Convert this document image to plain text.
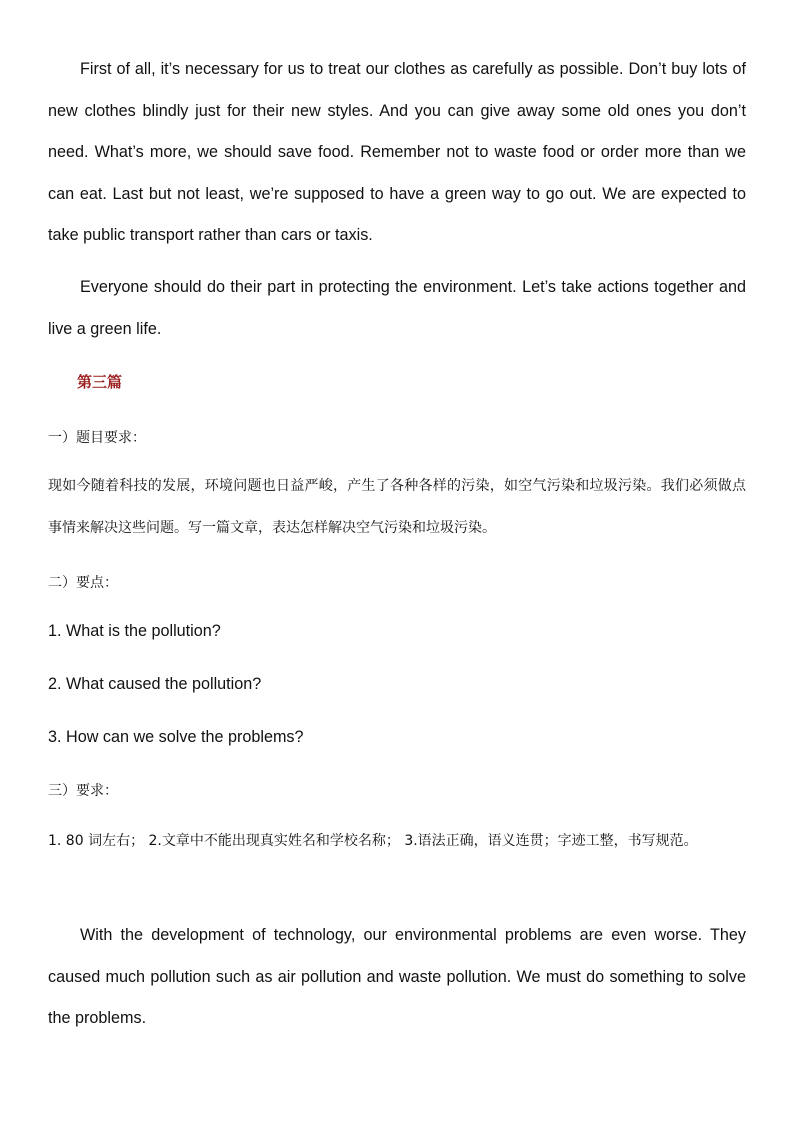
First of all, it’s necessary for us to treat our clothes as carefully as possible. Don’t buy lots of new clothes blindly just for their new styles. And you can give away some old ones you don’t need. What’s more, we should save food. Remember not to waste food or order more than we can eat. Last but not least, we’re supposed to have a green way to go out. We are expected to take public transport rather than cars or taxis.

Everyone should do their part in protecting the environment. Let’s take actions together and live a green life.

第三篇

一）题目要求：

现如今随着科技的发展，环境问题也日益严峻，产生了各种各样的污染，如空气污染和垃圾污染。我们必须做点事情来解决这些问题。写一篇文章，表达怎样解决空气污染和垃圾污染。

二）要点：

1. What is the pollution?

2. What caused the pollution?

3. How can we solve the problems?

三）要求：

1. 80 词左右； 2.文章中不能出现真实姓名和学校名称； 3.语法正确，语义连贯；字迹工整，书写规范。

With the development of technology, our environmental problems are even worse. They caused much pollution such as air pollution and waste pollution. We must do something to solve the problems.
